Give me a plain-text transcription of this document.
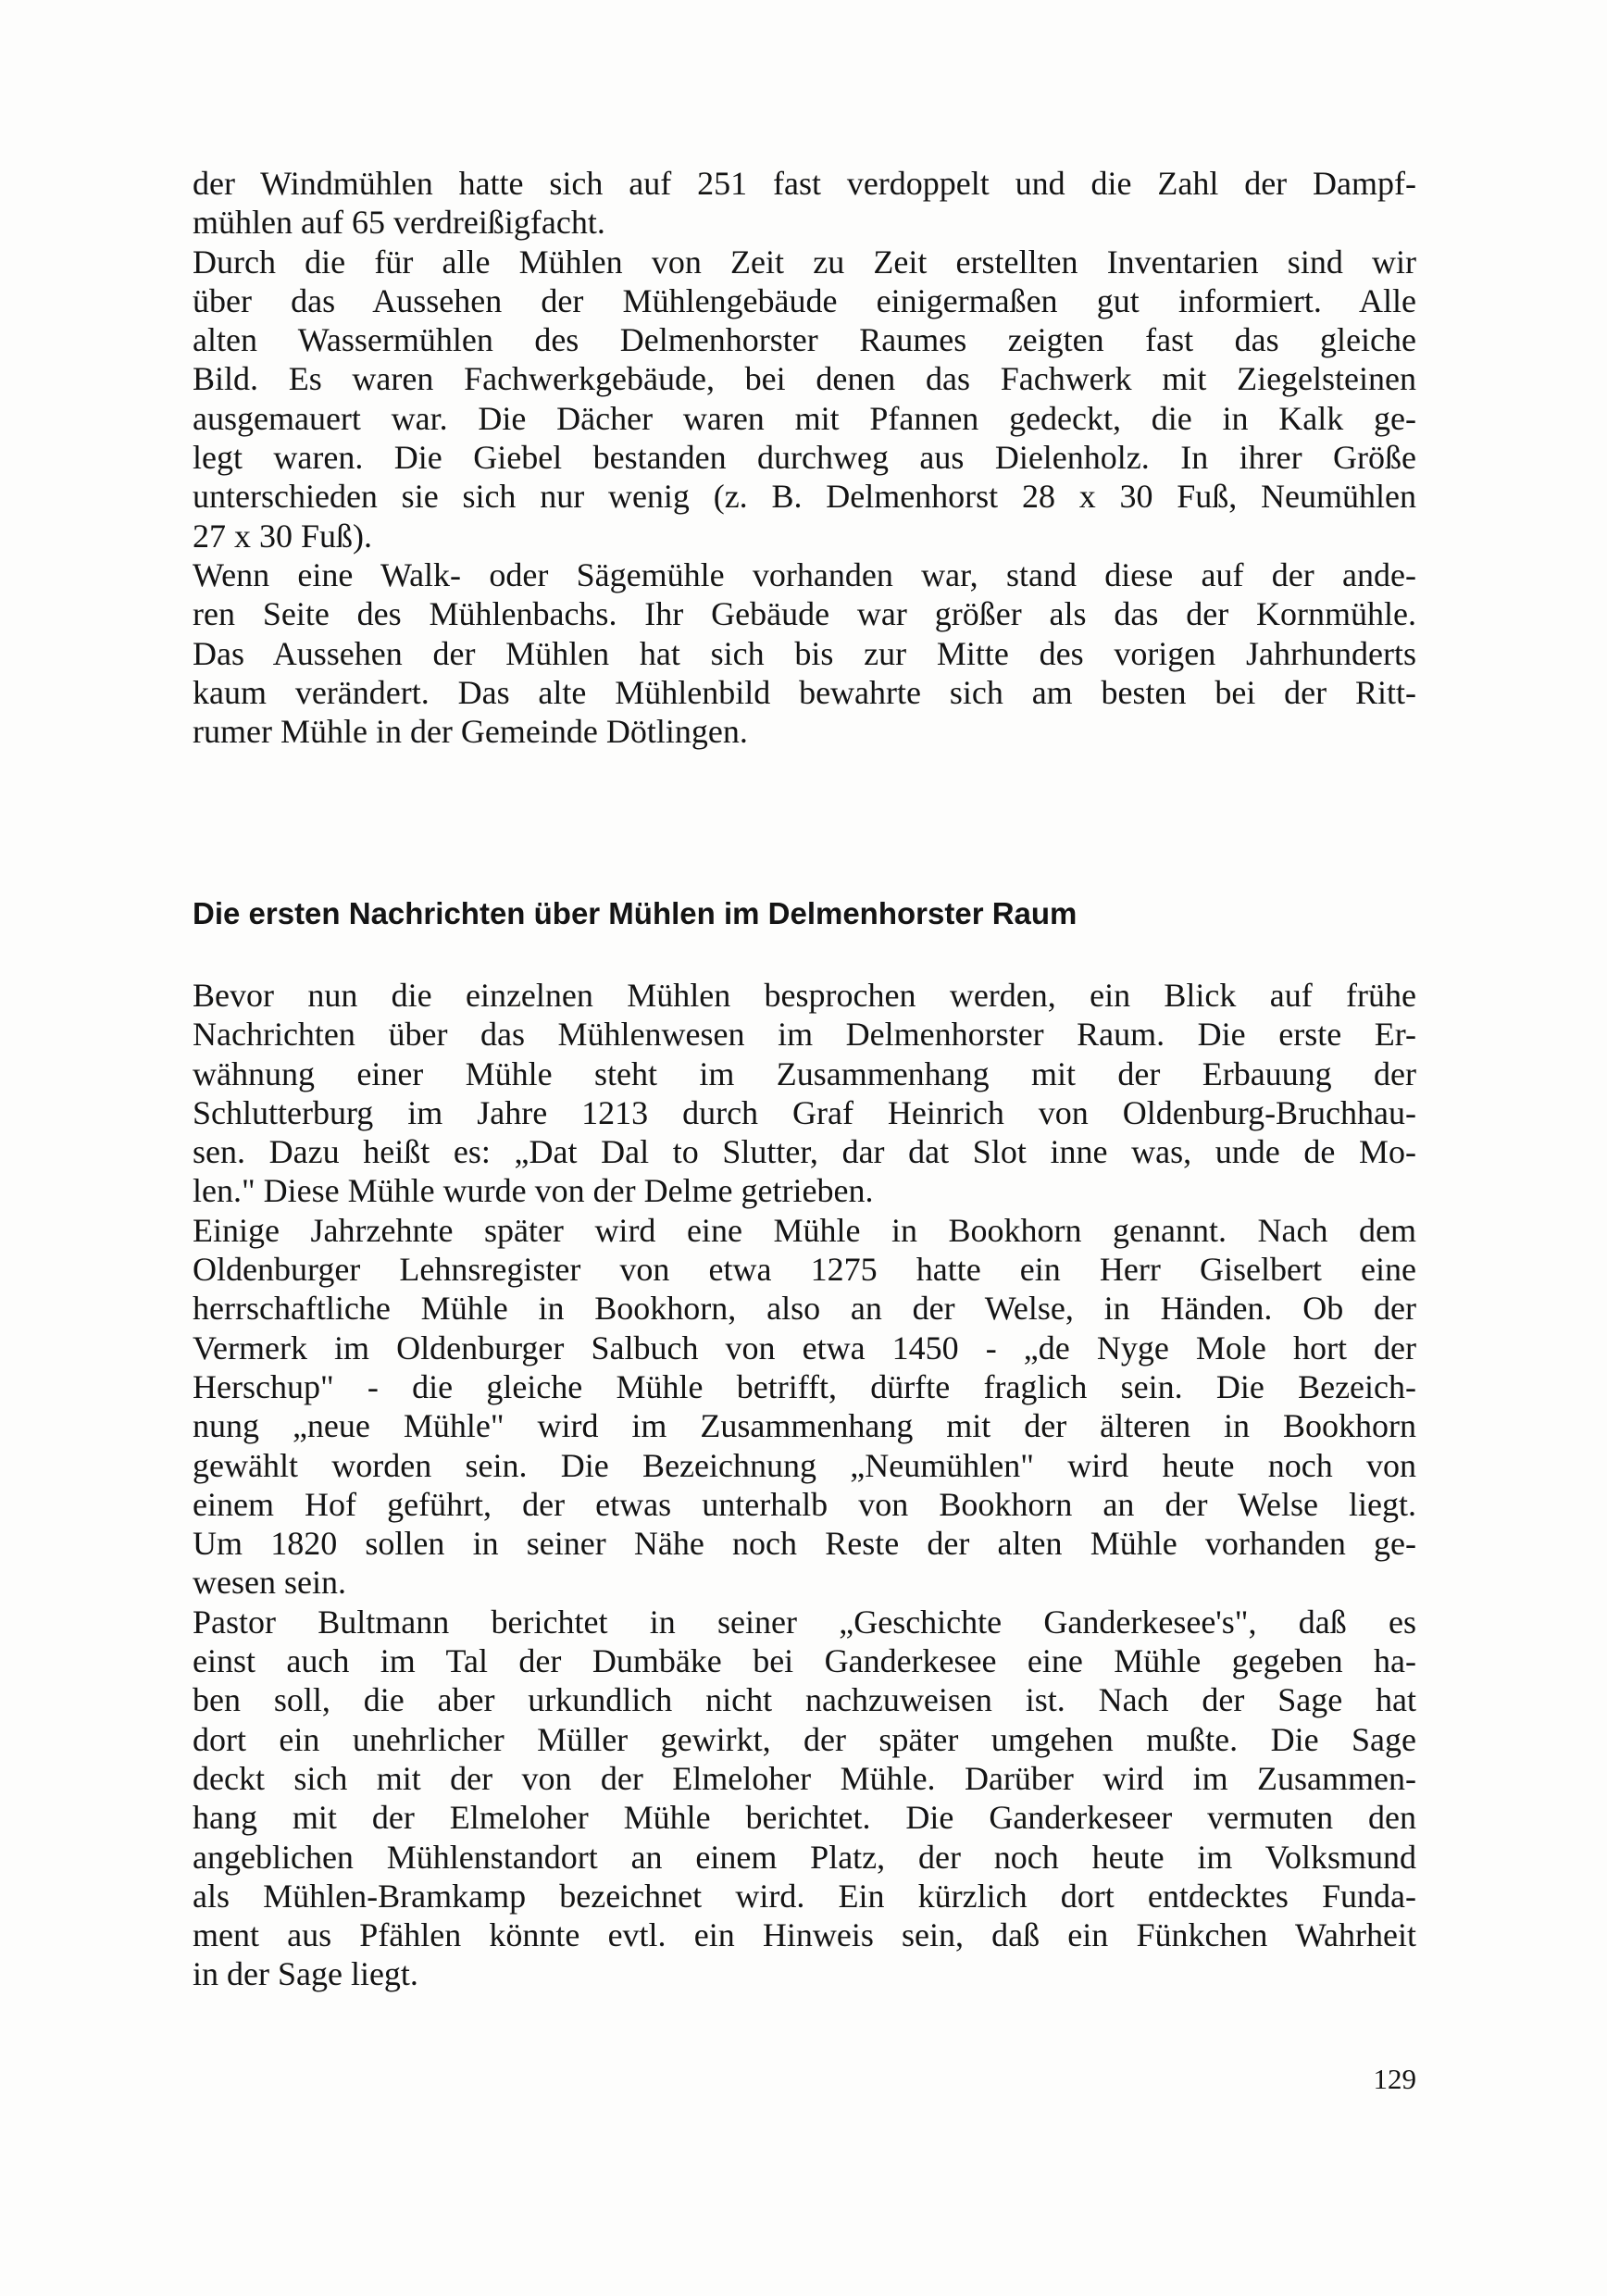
der Windmühlen hatte sich auf 251 fast verdoppelt und die Zahl der Dampf-
mühlen auf 65 verdreißigfacht.
Durch die für alle Mühlen von Zeit zu Zeit erstellten Inventarien sind wir
über das Aussehen der Mühlengebäude einigermaßen gut informiert. Alle
alten Wassermühlen des Delmenhorster Raumes zeigten fast das gleiche
Bild. Es waren Fachwerkgebäude, bei denen das Fachwerk mit Ziegelsteinen
ausgemauert war. Die Dächer waren mit Pfannen gedeckt, die in Kalk ge-
legt waren. Die Giebel bestanden durchweg aus Dielenholz. In ihrer Größe
unterschieden sie sich nur wenig (z. B. Delmenhorst 28 x 30 Fuß, Neumühlen
27 x 30 Fuß).
Wenn eine Walk- oder Sägemühle vorhanden war, stand diese auf der ande-
ren Seite des Mühlenbachs. Ihr Gebäude war größer als das der Kornmühle.
Das Aussehen der Mühlen hat sich bis zur Mitte des vorigen Jahrhunderts
kaum verändert. Das alte Mühlenbild bewahrte sich am besten bei der Ritt-
rumer Mühle in der Gemeinde Dötlingen.
Die ersten Nachrichten über Mühlen im Delmenhorster Raum
Bevor nun die einzelnen Mühlen besprochen werden, ein Blick auf frühe
Nachrichten über das Mühlenwesen im Delmenhorster Raum. Die erste Er-
wähnung einer Mühle steht im Zusammenhang mit der Erbauung der
Schlutterburg im Jahre 1213 durch Graf Heinrich von Oldenburg-Bruchhau-
sen. Dazu heißt es: „Dat Dal to Slutter, dar dat Slot inne was, unde de Mo-
len." Diese Mühle wurde von der Delme getrieben.
Einige Jahrzehnte später wird eine Mühle in Bookhorn genannt. Nach dem
Oldenburger Lehnsregister von etwa 1275 hatte ein Herr Giselbert eine
herrschaftliche Mühle in Bookhorn, also an der Welse, in Händen. Ob der
Vermerk im Oldenburger Salbuch von etwa 1450 - „de Nyge Mole hort der
Herschup" - die gleiche Mühle betrifft, dürfte fraglich sein. Die Bezeich-
nung „neue Mühle" wird im Zusammenhang mit der älteren in Bookhorn
gewählt worden sein. Die Bezeichnung „Neumühlen" wird heute noch von
einem Hof geführt, der etwas unterhalb von Bookhorn an der Welse liegt.
Um 1820 sollen in seiner Nähe noch Reste der alten Mühle vorhanden ge-
wesen sein.
Pastor Bultmann berichtet in seiner „Geschichte Ganderkesee's", daß es
einst auch im Tal der Dumbäke bei Ganderkesee eine Mühle gegeben ha-
ben soll, die aber urkundlich nicht nachzuweisen ist. Nach der Sage hat
dort ein unehrlicher Müller gewirkt, der später umgehen mußte. Die Sage
deckt sich mit der von der Elmeloher Mühle. Darüber wird im Zusammen-
hang mit der Elmeloher Mühle berichtet. Die Ganderkeseer vermuten den
angeblichen Mühlenstandort an einem Platz, der noch heute im Volksmund
als Mühlen-Bramkamp bezeichnet wird. Ein kürzlich dort entdecktes Funda-
ment aus Pfählen könnte evtl. ein Hinweis sein, daß ein Fünkchen Wahrheit
in der Sage liegt.
129
